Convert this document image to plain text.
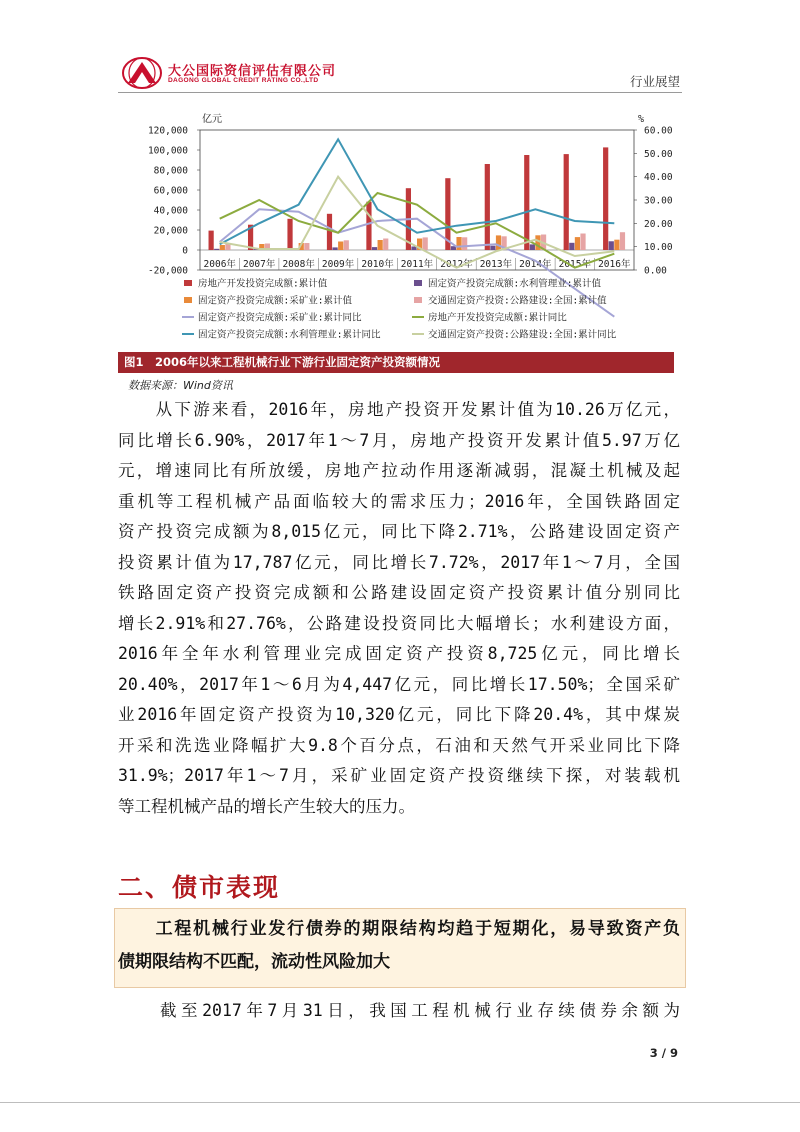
大公国际资信评估有限公司
DAGONG GLOBAL CREDIT RATING CO.,LTD	行业展望
亿元	%
120,000
100,000
80,000
60,000
40,000
20,000
0
-20,000
60.00
50.00
40.00
30.00
20.00
10.00
0.00
2006年 2007年 2008年 2009年 2010年 2011年 2012年 2013年 2014年 2015年 2016年
房地产开发投资完成额:累计值	固定资产投资完成额:水利管理业:累计值
固定资产投资完成额:采矿业:累计值	交通固定资产投资:公路建设:全国:累计值
固定资产投资完成额:采矿业:累计同比	房地产开发投资完成额:累计同比
固定资产投资完成额:水利管理业:累计同比	交通固定资产投资:公路建设:全国:累计同比
图1　2006年以来工程机械行业下游行业固定资产投资额情况
数据来源：Wind资讯
　　从下游来看，2016年，房地产投资开发累计值为10.26万亿元，
同比增长6.90%，2017年1～7月，房地产投资开发累计值5.97万亿
元，增速同比有所放缓，房地产拉动作用逐渐减弱，混凝土机械及起
重机等工程机械产品面临较大的需求压力；2016年，全国铁路固定
资产投资完成额为8,015亿元，同比下降2.71%，公路建设固定资产
投资累计值为17,787亿元，同比增长7.72%，2017年1～7月，全国
铁路固定资产投资完成额和公路建设固定资产投资累计值分别同比
增长2.91%和27.76%，公路建设投资同比大幅增长；水利建设方面，
2016年全年水利管理业完成固定资产投资8,725亿元，同比增长
20.40%，2017年1～6月为4,447亿元，同比增长17.50%；全国采矿
业2016年固定资产投资为10,320亿元，同比下降20.4%，其中煤炭
开采和洗选业降幅扩大9.8个百分点，石油和天然气开采业同比下降
31.9%；2017年1～7月，采矿业固定资产投资继续下探，对装载机
等工程机械产品的增长产生较大的压力。
二、债市表现
　　工程机械行业发行债券的期限结构均趋于短期化，易导致资产负
债期限结构不匹配，流动性风险加大
　　截至2017年7月31日，我国工程机械行业存续债券余额为
3 / 9
